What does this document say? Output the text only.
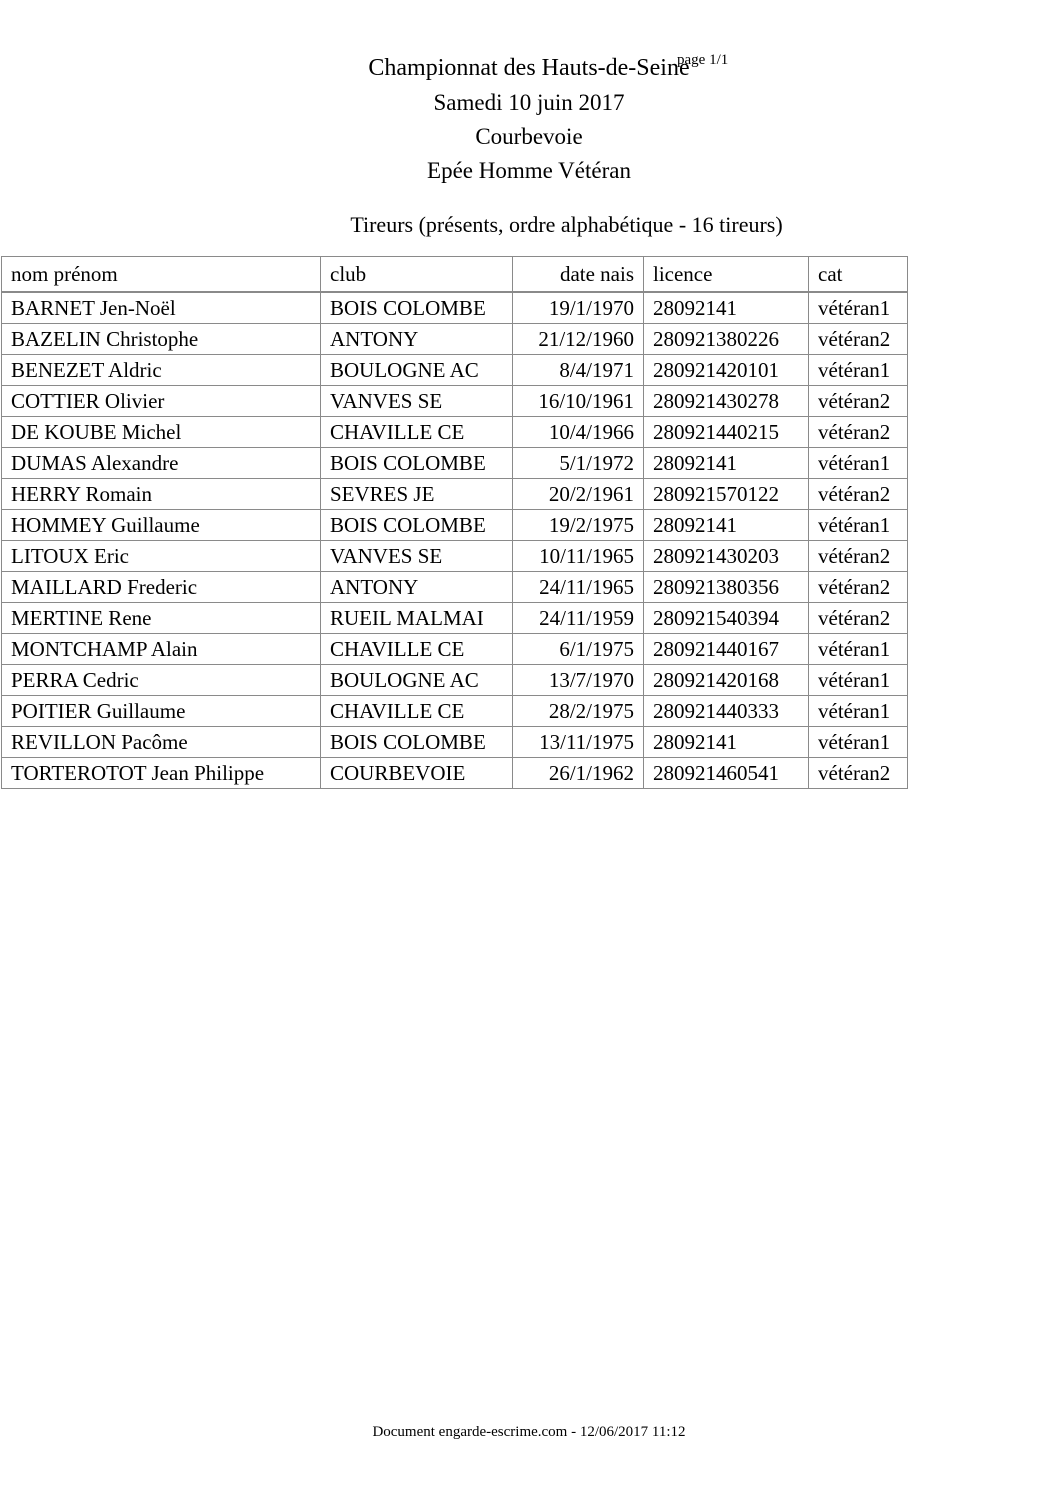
Championnat des Hauts-de-Seine
page 1/1
Samedi 10 juin 2017
Courbevoie
Epée Homme Vétéran
Tireurs (présents, ordre alphabétique - 16 tireurs)
nom prénom	club	date nais	licence	cat
BARNET Jen-Noël	BOIS COLOMBE	19/1/1970	28092141	vétéran1
BAZELIN Christophe	ANTONY	21/12/1960	280921380226	vétéran2
BENEZET Aldric	BOULOGNE AC	8/4/1971	280921420101	vétéran1
COTTIER Olivier	VANVES SE	16/10/1961	280921430278	vétéran2
DE KOUBE Michel	CHAVILLE CE	10/4/1966	280921440215	vétéran2
DUMAS Alexandre	BOIS COLOMBE	5/1/1972	28092141	vétéran1
HERRY Romain	SEVRES JE	20/2/1961	280921570122	vétéran2
HOMMEY Guillaume	BOIS COLOMBE	19/2/1975	28092141	vétéran1
LITOUX Eric	VANVES SE	10/11/1965	280921430203	vétéran2
MAILLARD Frederic	ANTONY	24/11/1965	280921380356	vétéran2
MERTINE Rene	RUEIL MALMAI	24/11/1959	280921540394	vétéran2
MONTCHAMP Alain	CHAVILLE CE	6/1/1975	280921440167	vétéran1
PERRA Cedric	BOULOGNE AC	13/7/1970	280921420168	vétéran1
POITIER Guillaume	CHAVILLE CE	28/2/1975	280921440333	vétéran1
REVILLON Pacôme	BOIS COLOMBE	13/11/1975	28092141	vétéran1
TORTEROTOT Jean Philippe	COURBEVOIE	26/1/1962	280921460541	vétéran2
Document engarde-escrime.com - 12/06/2017 11:12
